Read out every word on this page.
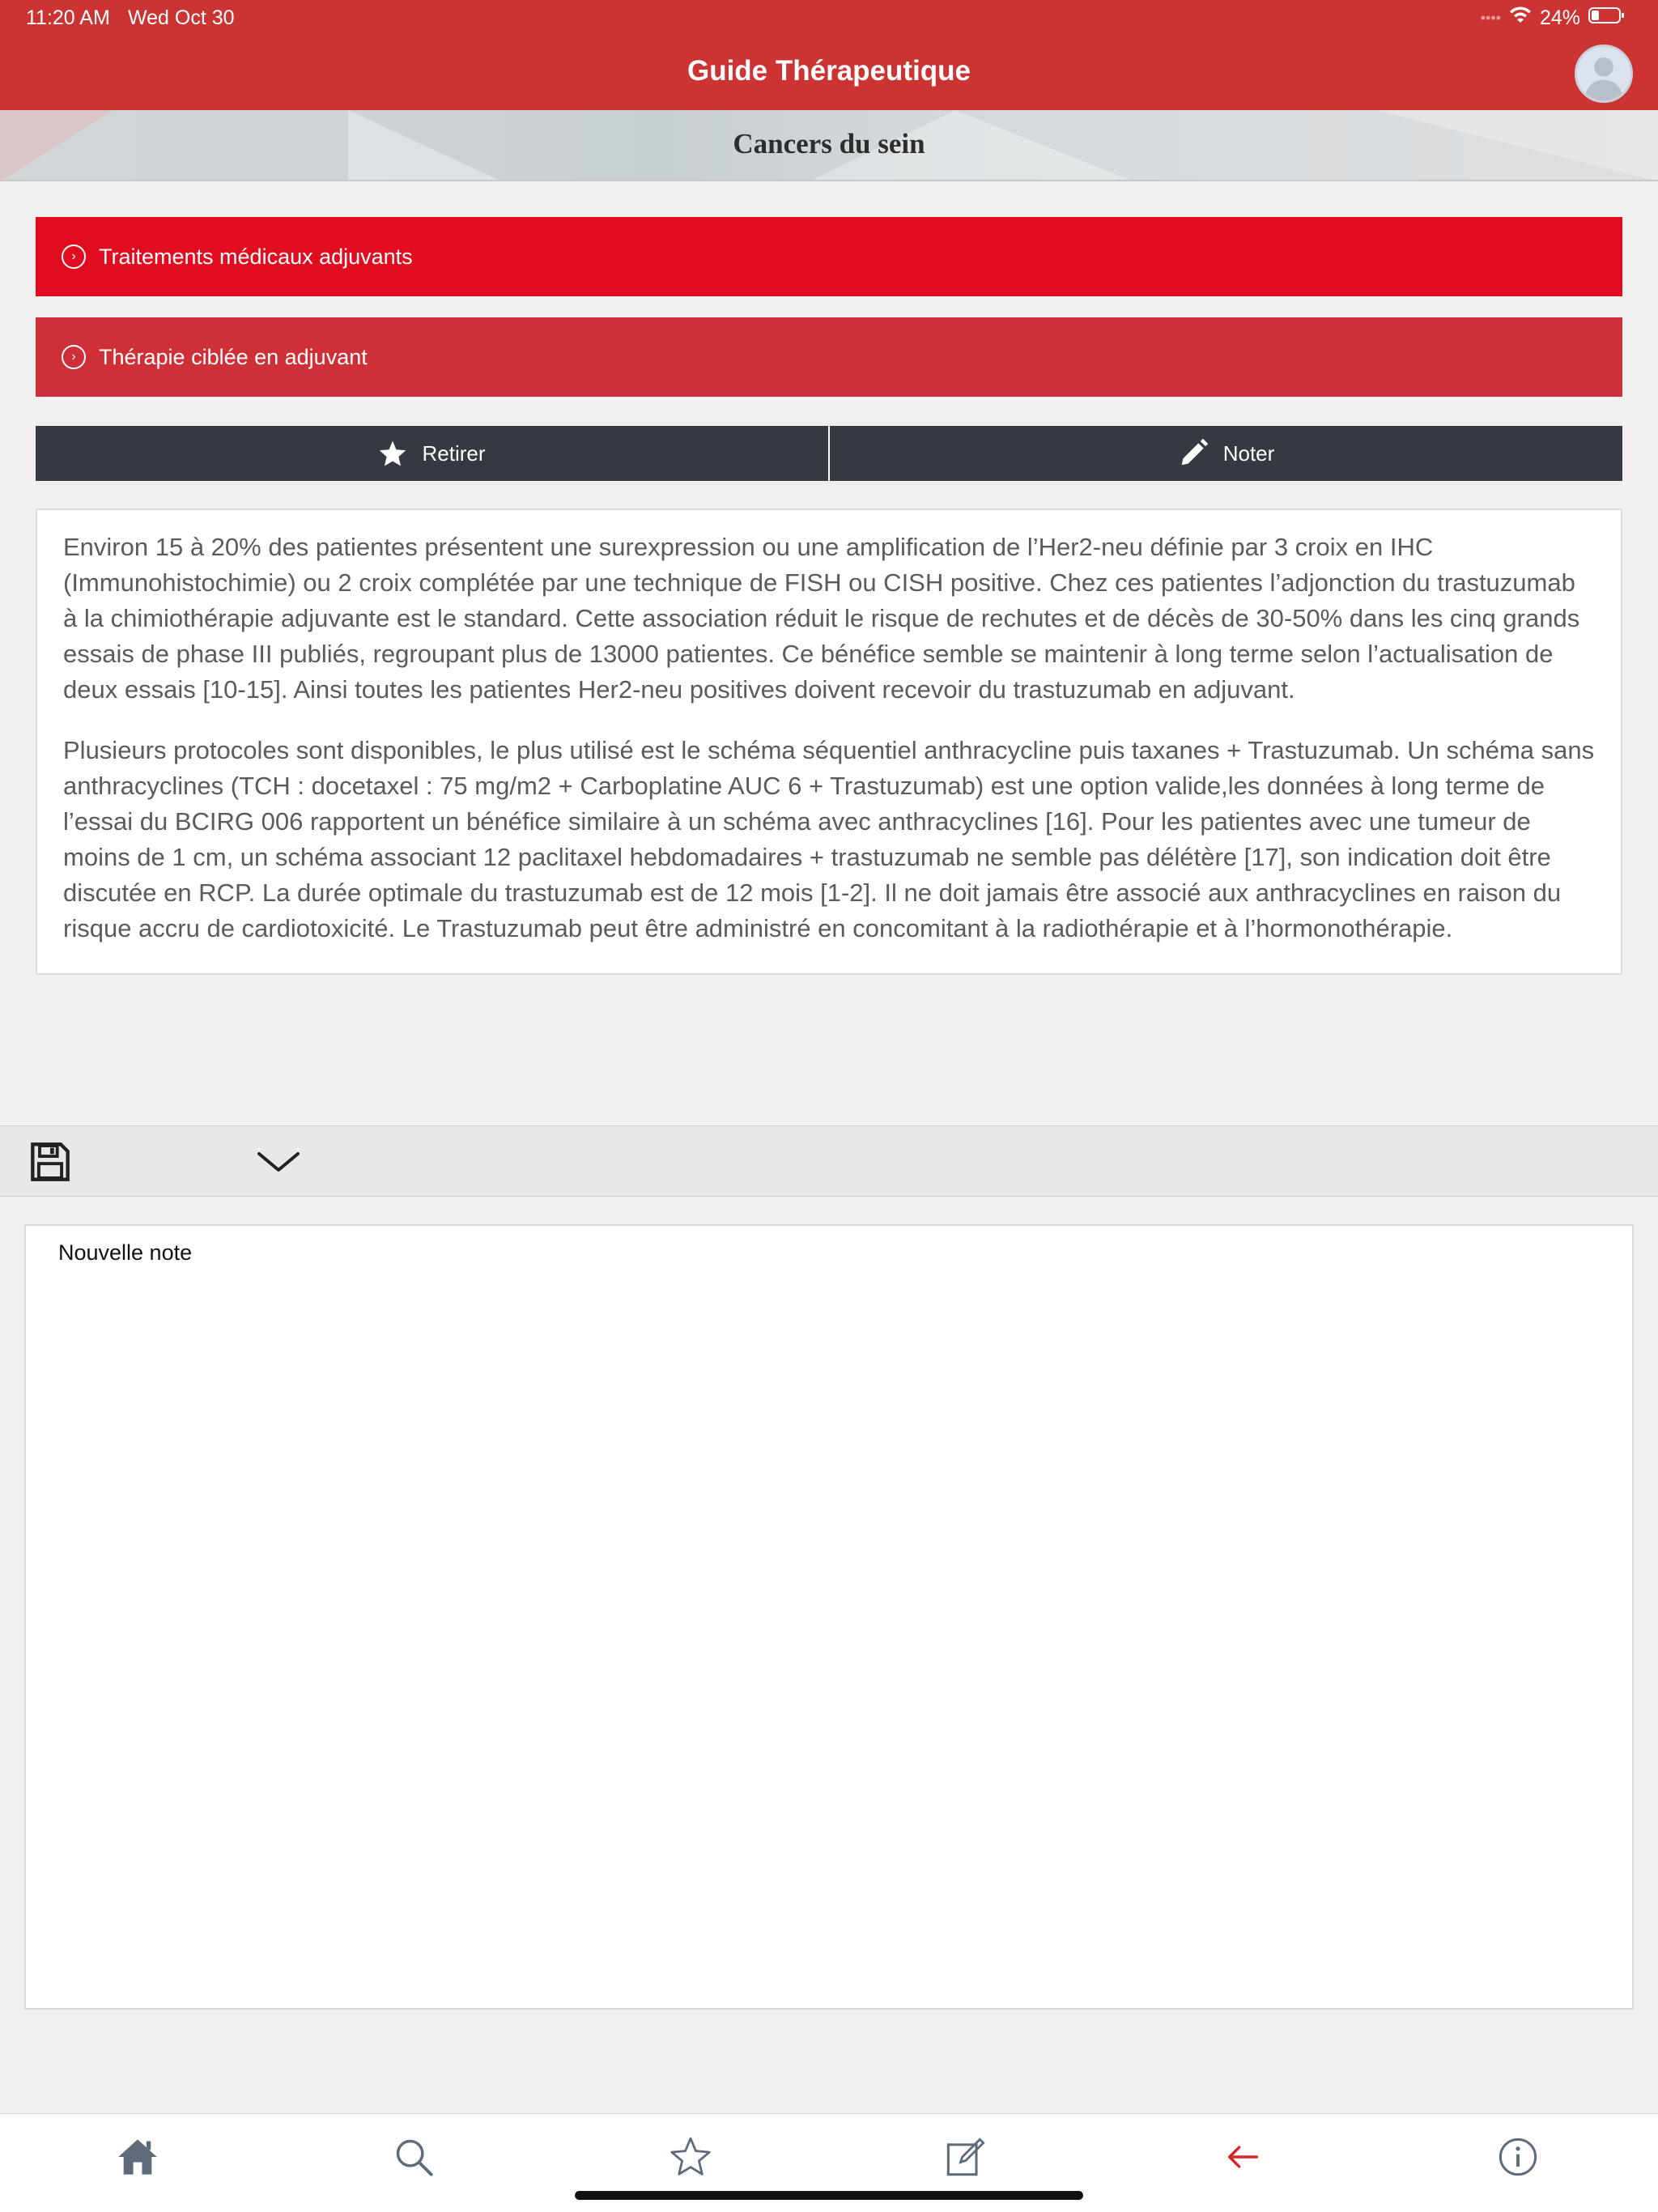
11:20 AM Wed Oct 30	•••• 24%
Guide Thérapeutique
Cancers du sein
›	Traitements médicaux adjuvants
›	Thérapie ciblée en adjuvant
Retirer	Noter

Environ 15 à 20% des patientes présentent une surexpression ou une amplification de l’Her2-neu définie par 3 croix en IHC (Immunohistochimie) ou 2 croix complétée par une technique de FISH ou CISH positive. Chez ces patientes l’adjonction du trastuzumab à la chimiothérapie adjuvante est le standard. Cette association réduit le risque de rechutes et de décès de 30-50% dans les cinq grands essais de phase III publiés, regroupant plus de 13000 patientes. Ce bénéfice semble se maintenir à long terme selon l’actualisation de deux essais [10-15]. Ainsi toutes les patientes Her2-neu positives doivent recevoir du trastuzumab en adjuvant.

Plusieurs protocoles sont disponibles, le plus utilisé est le schéma séquentiel anthracycline puis taxanes + Trastuzumab. Un schéma sans anthracyclines (TCH : docetaxel : 75 mg/m2 + Carboplatine AUC 6 + Trastuzumab) est une option valide,les données à long terme de l’essai du BCIRG 006 rapportent un bénéfice similaire à un schéma avec anthracyclines [16]. Pour les patientes avec une tumeur de moins de 1 cm, un schéma associant 12 paclitaxel hebdomadaires + trastuzumab ne semble pas délétère [17], son indication doit être discutée en RCP. La durée optimale du trastuzumab est de 12 mois [1-2]. Il ne doit jamais être associé aux anthracyclines en raison du risque accru de cardiotoxicité. Le Trastuzumab peut être administré en concomitant à la radiothérapie et à l’hormonothérapie.

Nouvelle note
